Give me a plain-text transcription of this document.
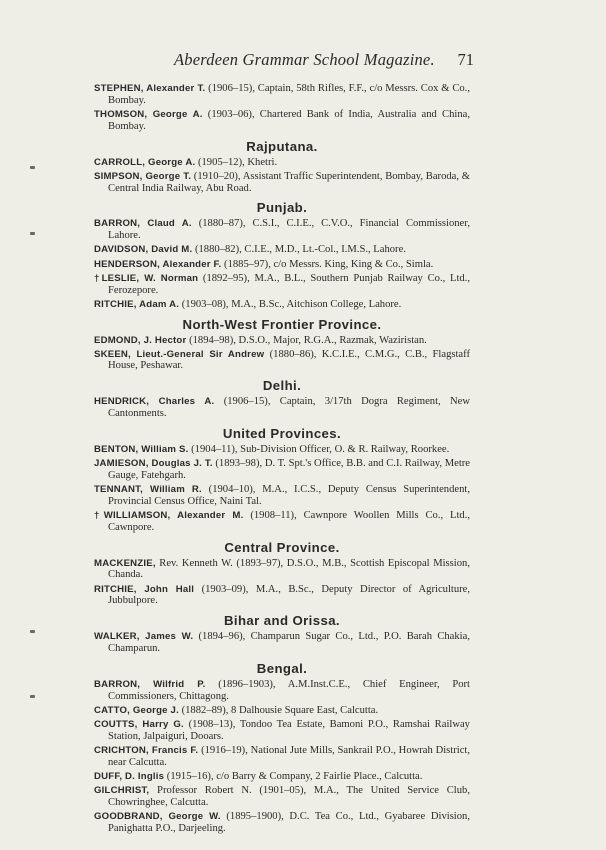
Aberdeen Grammar School Magazine. 71

STEPHEN, Alexander T. (1906–15), Captain, 58th Rifles, F.F., c/o Messrs. Cox & Co., Bombay.

THOMSON, George A. (1903–06), Chartered Bank of India, Australia and China, Bombay.

Rajputana.

CARROLL, George A. (1905–12), Khetri.

SIMPSON, George T. (1910–20), Assistant Traffic Superintendent, Bombay, Baroda, & Central India Railway, Abu Road.

Punjab.

BARRON, Claud A. (1880–87), C.S.I., C.I.E., C.V.O., Financial Commissioner, Lahore.

DAVIDSON, David M. (1880–82), C.I.E., M.D., Lt.-Col., I.M.S., Lahore.

HENDERSON, Alexander F. (1885–97), c/o Messrs. King, King & Co., Simla.

†LESLIE, W. Norman (1892–95), M.A., B.L., Southern Punjab Railway Co., Ltd., Ferozepore.

RITCHIE, Adam A. (1903–08), M.A., B.Sc., Aitchison College, Lahore.

North-West Frontier Province.

EDMOND, J. Hector (1894–98), D.S.O., Major, R.G.A., Razmak, Waziristan.

SKEEN, Lieut.-General Sir Andrew (1880–86), K.C.I.E., C.M.G., C.B., Flagstaff House, Peshawar.

Delhi.

HENDRICK, Charles A. (1906–15), Captain, 3/17th Dogra Regiment, New Cantonments.

United Provinces.

BENTON, William S. (1904–11), Sub-Division Officer, O. & R. Railway, Roorkee.

JAMIESON, Douglas J. T. (1893–98), D. T. Spt.'s Office, B.B. and C.I. Railway, Metre Gauge, Fatehgarh.

TENNANT, William R. (1904–10), M.A., I.C.S., Deputy Census Superintendent, Provincial Census Office, Naini Tal.

†WILLIAMSON, Alexander M. (1908–11), Cawnpore Woollen Mills Co., Ltd., Cawnpore.

Central Province.

MACKENZIE, Rev. Kenneth W. (1893–97), D.S.O., M.B., Scottish Episcopal Mission, Chanda.

RITCHIE, John Hall (1903–09), M.A., B.Sc., Deputy Director of Agriculture, Jubbulpore.

Bihar and Orissa.

WALKER, James W. (1894–96), Champarun Sugar Co., Ltd., P.O. Barah Chakia, Champarun.

Bengal.

BARRON, Wilfrid P. (1896–1903), A.M.Inst.C.E., Chief Engineer, Port Commissioners, Chittagong.

CATTO, George J. (1882–89), 8 Dalhousie Square East, Calcutta.

COUTTS, Harry G. (1908–13), Tondoo Tea Estate, Bamoni P.O., Ramshai Railway Station, Jalpaiguri, Dooars.

CRICHTON, Francis F. (1916–19), National Jute Mills, Sankrail P.O., Howrah District, near Calcutta.

DUFF, D. Inglis (1915–16), c/o Barry & Company, 2 Fairlie Place., Calcutta.

GILCHRIST, Professor Robert N. (1901–05), M.A., The United Service Club, Chowringhee, Calcutta.

GOODBRAND, George W. (1895–1900), D.C. Tea Co., Ltd., Gyabaree Division, Panighatta P.O., Darjeeling.
